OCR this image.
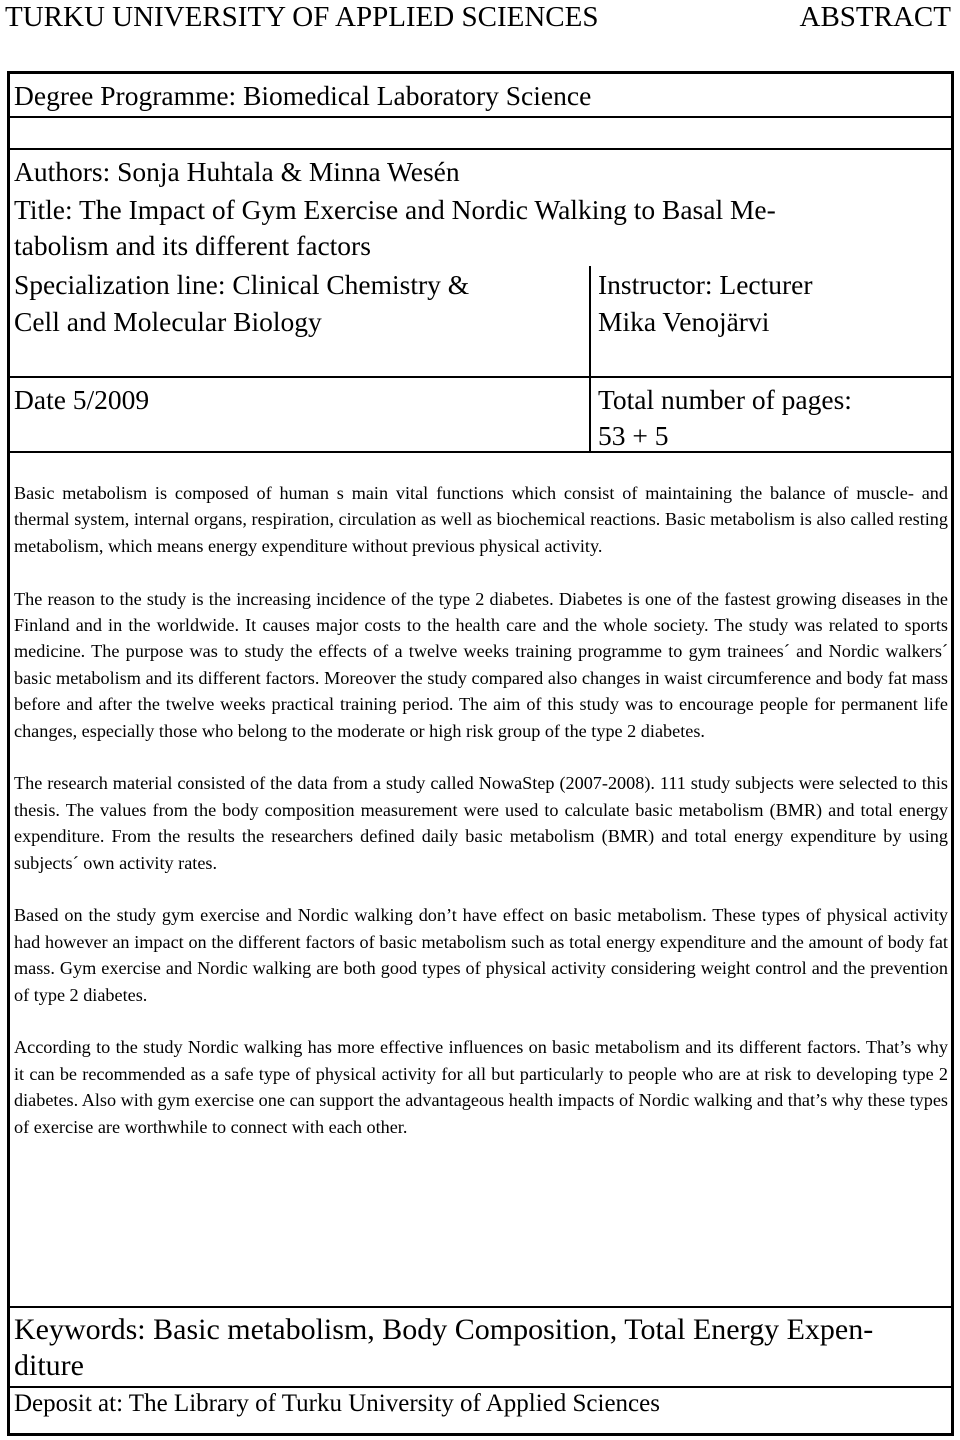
TURKU UNIVERSITY OF APPLIED SCIENCES	ABSTRACT
Degree Programme: Biomedical Laboratory Science
Authors: Sonja Huhtala & Minna Wesén
Title: The Impact of Gym Exercise and Nordic Walking to Basal Me-
tabolism and its different factors
Specialization line: Clinical Chemistry &
Cell and Molecular Biology
Instructor: Lecturer
Mika Venojärvi
Date 5/2009	Total number of pages:
53 + 5

Basic metabolism is composed of human s main vital functions which consist of maintaining the balance of muscle- and thermal system, internal organs, respiration, circulation as well as biochemical reactions. Basic metabolism is also called resting metabolism, which means energy expenditure without previous physical activity.

The reason to the study is the increasing incidence of the type 2 diabetes. Diabetes is one of the fastest growing diseases in the Finland and in the worldwide. It causes major costs to the health care and the whole society. The study was related to sports medicine. The purpose was to study the effects of a twelve weeks training programme to gym trainees´ and Nordic walkers´ basic metabolism and its different factors. Moreover the study compared also changes in waist circumference and body fat mass before and after the twelve weeks practical training period. The aim of this study was to encourage people for permanent life changes, especially those who belong to the moderate or high risk group of the type 2 diabetes.

The research material consisted of the data from a study called NowaStep (2007-2008). 111 study subjects were selected to this thesis. The values from the body composition measurement were used to calculate basic metabolism (BMR) and total energy expenditure. From the results the researchers defined daily basic metabolism (BMR) and total energy expenditure by using subjects´ own activity rates.

Based on the study gym exercise and Nordic walking don’t have effect on basic metabolism. These types of physical activity had however an impact on the different factors of basic metabolism such as total energy expenditure and the amount of body fat mass. Gym exercise and Nordic walking are both good types of physical activity considering weight control and the prevention of type 2 diabetes.

According to the study Nordic walking has more effective influences on basic metabolism and its different factors. That’s why it can be recommended as a safe type of physical activity for all but particularly to people who are at risk to developing type 2 diabetes. Also with gym exercise one can support the advantageous health impacts of Nordic walking and that’s why these types of exercise are worthwhile to connect with each other.

Keywords: Basic metabolism, Body Composition, Total Energy Expen-
diture
Deposit at: The Library of Turku University of Applied Sciences
